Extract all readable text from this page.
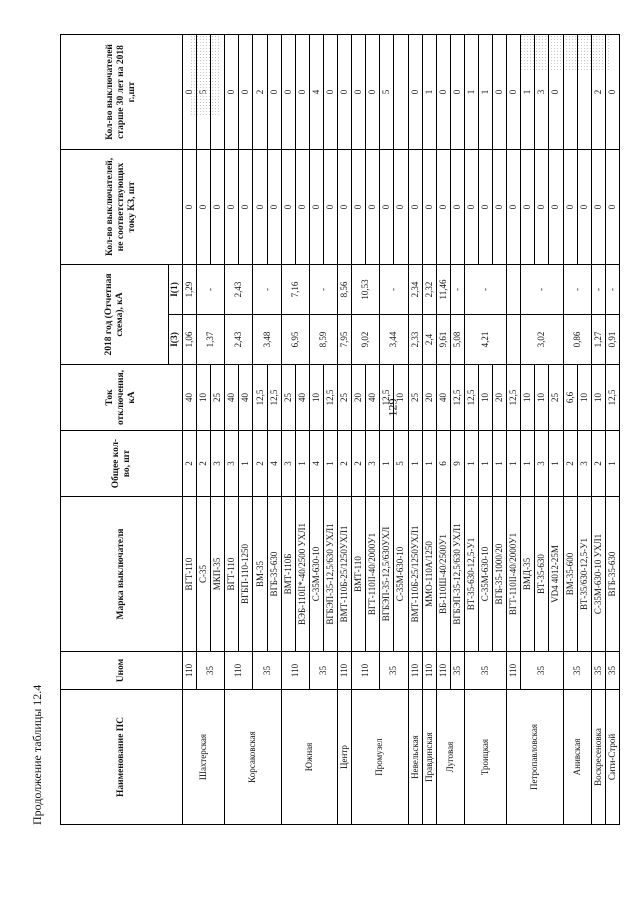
Продолжение таблицы 12.4	Наименование ПС	Uном	Марка выключателя	Общее кол-во, шт	Ток отключения, кА	2018 год (Отчетная схема), кА		Кол-во выключателей, не соответствующих току КЗ, шт	Кол-во выключателей старше 30 лет на 2018 г.,шт
					I(3)	I(1)		
Шахтерская	110	ВГТ-110	2	40	1,06	1,29	0	0
	35	С-35	2	10	1,37	-	0	5
		МКП-35	3	25			0	
Корсаковская	110	ВГТ-110	3	40	2,43	2,43	0	0
		ВГБП-110-1250	1	40			0	0
	35	ВМ-35	2	12,5	3,48	-	0	2
		ВГБ-35-630	4	12,5			0	0
Южная	110	ВМТ-110Б	3	25	6,95	7,16	0	0
		ВЭБ-110II*-40/2500 УХЛ1	1	40			0	0
	35	С-35М-630-10	4	10	8,59	-	0	4
		ВГБЭП-35-12,5/630 УХЛ1	1	12,5			0	0
Центр	110	ВМТ-110Б-25/1250УХЛ1	2	25	7,95	8,56	0	0
Промузел	110	ВМТ-110	2	20	9,02	10,53	0	0
		ВГТ-110II-40/2000У1	3	40			0	0
	35	ВГБЭП-35-12,5/630УХЛ	1	12,5	3,44	-	0	5
		С-35М-630-10	5	10			0	
Невельская	110	ВМТ-110Б-25/1250УХЛ1	1	25	2,33	2,34	0	0
Правдинская	110	ММО-110А/1250	1	20	2,4	2,32	0	1
Луговая	110	ВБ-110Ш-40/2500У1	6	40	9,61	11,46	0	0
	35	ВГБЭП-35-12,5/630 УХЛ1	9	12,5	5,08	-	0	0
Троицкая	35	ВТ-35-630-12,5-У1	1	12,5	4,21	-	0	1
		С-35М-630-10	1	10			0	1
		ВГБ-35-1000/20	1	20			0	0
Петропавловская	110	ВГТ-110II-40/2000У1	1	12,5			0	0
	35	ВМД-35	1	10	3,02	-	0	1
		ВТ-35-630	3	10			0	3
		VD4 4012-25M	1	25			0	0
Анивская	35	ВМ-35-600	2	6,6	0,86	-	0	
		ВТ-35/630-12,5-У1	3	10			0	
Воскресеновка	35	С-35М-630-10 УХЛ1	2	10	1,27	-	0	2
Сити-Строй	35	ВГБ-35-630	1	12,5	0,91	-	0	0
129
